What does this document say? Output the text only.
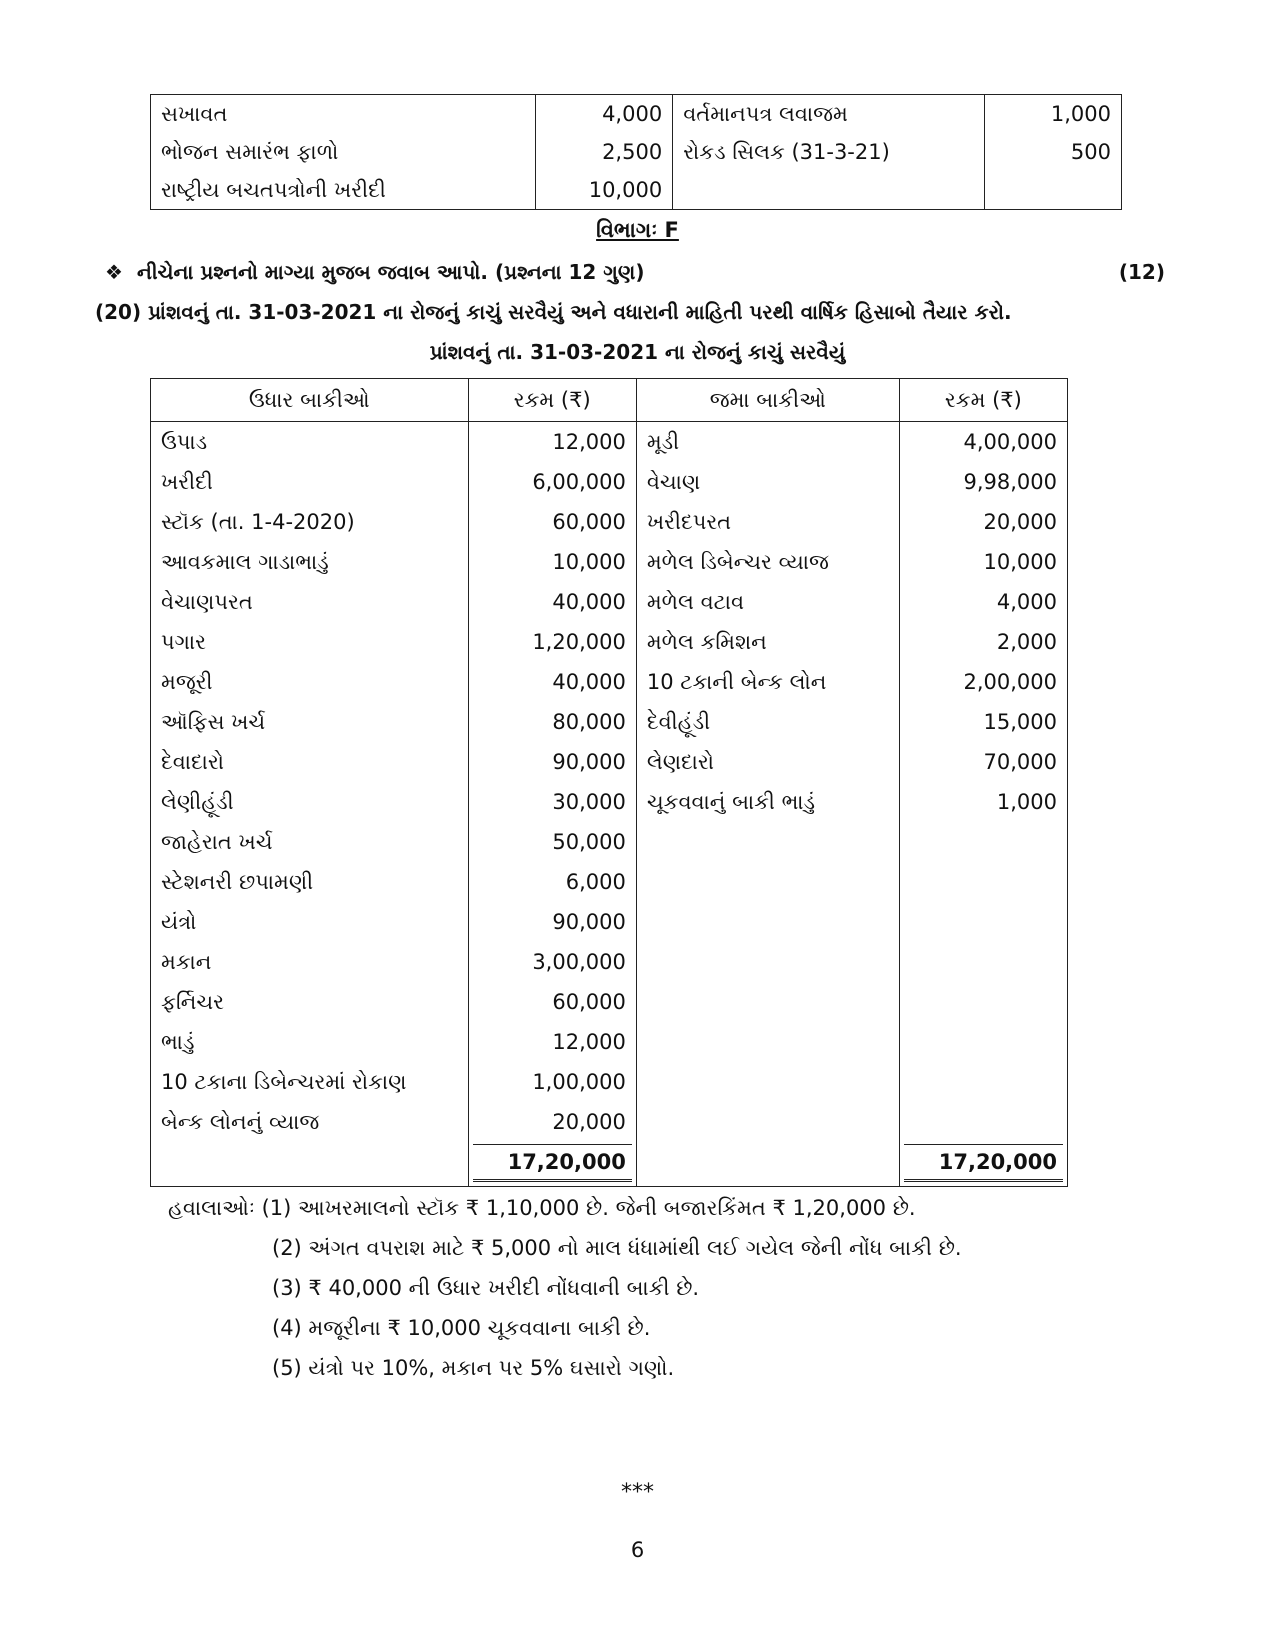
સખાવત	4,000	વર્તમાનપત્ર લવાજમ	1,000
ભોજન સમારંભ ફાળો	2,500	રોકડ સિલક (31-3-21)	500
રાષ્ટ્રીય બચતપત્રોની ખરીદી	10,000		
વિભાગઃ F
❖ નીચેના પ્રશ્નનો માગ્યા મુજબ જવાબ આપો. (પ્રશ્નના 12 ગુણ)	(12)
(20) પ્રાંશવનું તા. 31-03-2021 ના રોજનું કાચું સરવૈયું અને વધારાની માહિતી પરથી વાર્ષિક હિસાબો તૈયાર કરો.
પ્રાંશવનું તા. 31-03-2021 ના રોજનું કાચું સરવૈયું
ઉધાર બાકીઓ	રકમ (₹)	જમા બાકીઓ	રકમ (₹)
ઉપાડ	12,000	મૂડી	4,00,000
ખરીદી	6,00,000	વેચાણ	9,98,000
સ્ટૉક (તા. 1-4-2020)	60,000	ખરીદપરત	20,000
આવકમાલ ગાડાભાડું	10,000	મળેલ ડિબેન્ચર વ્યાજ	10,000
વેચાણપરત	40,000	મળેલ વટાવ	4,000
પગાર	1,20,000	મળેલ કમિશન	2,000
મજૂરી	40,000	10 ટકાની બેન્ક લોન	2,00,000
ઑફિસ ખર્ચ	80,000	દેવીહૂંડી	15,000
દેવાદારો	90,000	લેણદારો	70,000
લેણીહૂંડી	30,000	ચૂકવવાનું બાકી ભાડું	1,000
જાહેરાત ખર્ચ	50,000		
સ્ટેશનરી છપામણી	6,000		
યંત્રો	90,000		
મકાન	3,00,000		
ફર્નિચર	60,000		
ભાડું	12,000		
10 ટકાના ડિબેન્ચરમાં રોકાણ	1,00,000		
બેન્ક લોનનું વ્યાજ	20,000		

	17,20,000		17,20,000
હવાલાઓઃ (1) આખરમાલનો સ્ટૉક ₹ 1,10,000 છે. જેની બજારકિંમત ₹ 1,20,000 છે.
(2) અંગત વપરાશ માટે ₹ 5,000 નો માલ ધંધામાંથી લઈ ગયેલ જેની નોંધ બાકી છે.
(3) ₹ 40,000 ની ઉધાર ખરીદી નોંધવાની બાકી છે.
(4) મજૂરીના ₹ 10,000 ચૂકવવાના બાકી છે.
(5) યંત્રો પર 10%, મકાન પર 5% ઘસારો ગણો.
***
6
